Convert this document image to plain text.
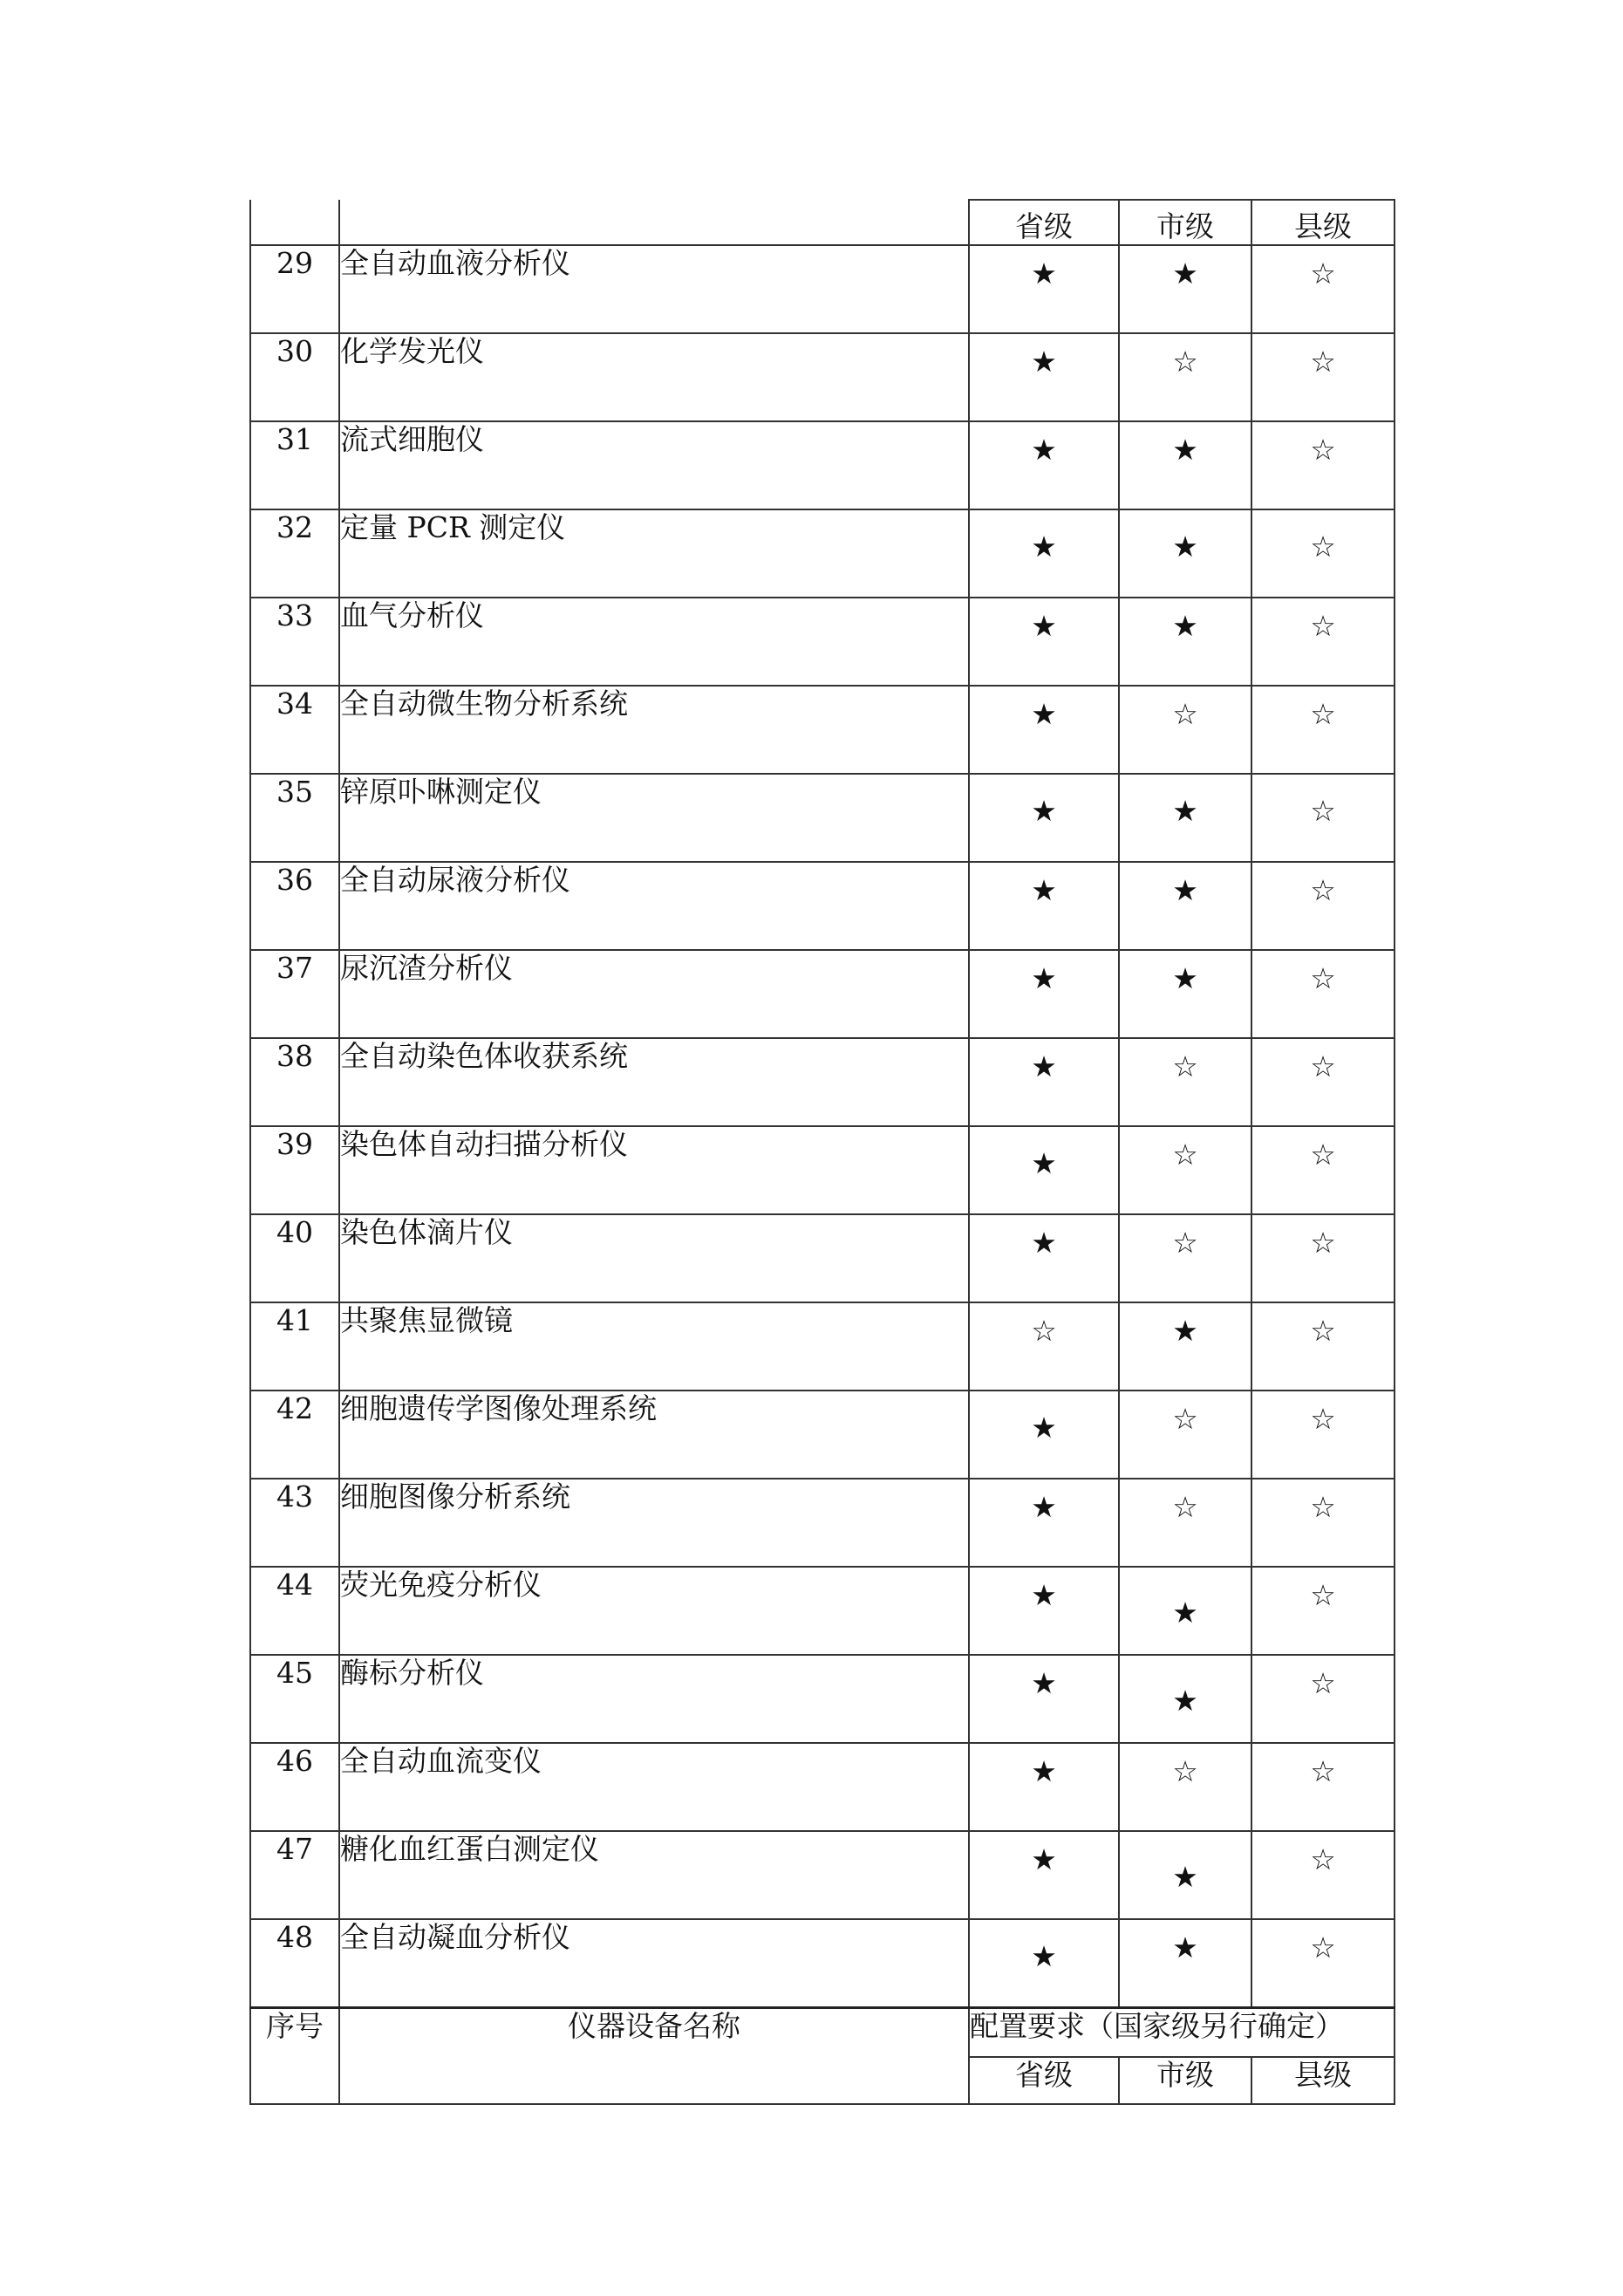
		省级	市级	县级
29	全自动血液分析仪	★	★	☆

30	化学发光仪	★	☆	☆

31	流式细胞仪	★	★	☆

32	定量 PCR 测定仪	★	★	☆

33	血气分析仪	★	★	☆

34	全自动微生物分析系统	★	☆	☆

35	锌原卟啉测定仪	★	★	☆

36	全自动尿液分析仪	★	★	☆

37	尿沉渣分析仪	★	★	☆

38	全自动染色体收获系统	★	☆	☆

39	染色体自动扫描分析仪	★	☆	☆

40	染色体滴片仪	★	☆	☆

41	共聚焦显微镜	☆	★	☆

42	细胞遗传学图像处理系统	★	☆	☆

43	细胞图像分析系统	★	☆	☆

44	荧光免疫分析仪	★	★	☆

45	酶标分析仪	★	★	☆

46	全自动血流变仪	★	☆	☆

47	糖化血红蛋白测定仪	★	★	☆

48	全自动凝血分析仪	★	★	☆

序号	仪器设备名称	配置要求（国家级另行确定）		
		省级	市级	县级
